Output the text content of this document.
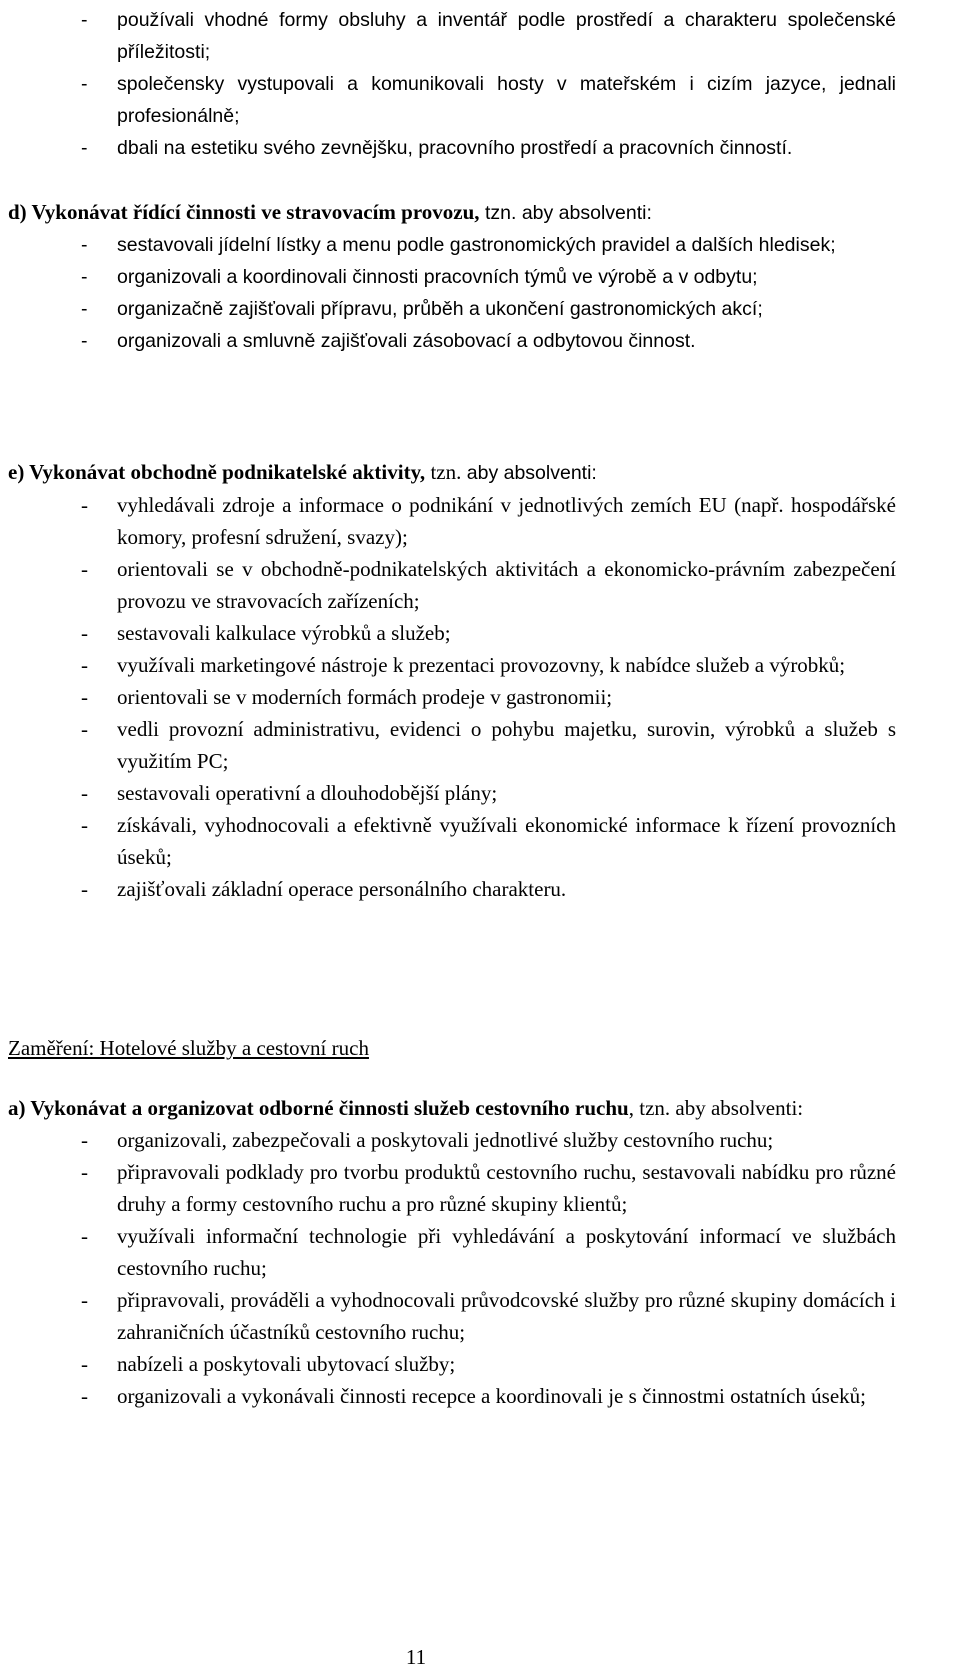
- používali vhodné formy obsluhy a inventář podle prostředí a charakteru společenské příležitosti;
- společensky vystupovali a komunikovali hosty v mateřském i cizím jazyce, jednali profesionálně;
- dbali na estetiku svého zevnějšku, pracovního prostředí a pracovních činností.
d) Vykonávat řídící činnosti ve stravovacím provozu, tzn. aby absolventi:
- sestavovali jídelní lístky a menu podle gastronomických pravidel a dalších hledisek;
- organizovali a koordinovali činnosti pracovních týmů ve výrobě a v odbytu;
- organizačně zajišťovali přípravu, průběh a ukončení gastronomických akcí;
- organizovali a smluvně zajišťovali zásobovací a odbytovou činnost.
e) Vykonávat obchodně podnikatelské aktivity, tzn. aby absolventi:
- vyhledávali zdroje a informace o podnikání v jednotlivých zemích EU (např. hospodářské komory, profesní sdružení, svazy);
- orientovali se v obchodně-podnikatelských aktivitách a ekonomicko-právním zabezpečení provozu ve stravovacích zařízeních;
- sestavovali kalkulace výrobků a služeb;
- využívali marketingové nástroje k prezentaci provozovny, k nabídce služeb a výrobků;
- orientovali se v moderních formách prodeje v gastronomii;
- vedli provozní administrativu, evidenci o pohybu majetku, surovin, výrobků a služeb s využitím PC;
- sestavovali operativní a dlouhodobější plány;
- získávali, vyhodnocovali a efektivně využívali ekonomické informace k řízení provozních úseků;
- zajišťovali základní operace personálního charakteru.
Zaměření: Hotelové služby a cestovní ruch
a) Vykonávat a organizovat odborné činnosti služeb cestovního ruchu, tzn. aby absolventi:
- organizovali, zabezpečovali a poskytovali jednotlivé služby cestovního ruchu;
- připravovali podklady pro tvorbu produktů cestovního ruchu, sestavovali nabídku pro různé druhy a formy cestovního ruchu a pro různé skupiny klientů;
- využívali informační technologie při vyhledávání a poskytování informací ve službách cestovního ruchu;
- připravovali, prováděli a vyhodnocovali průvodcovské služby pro různé skupiny domácích i zahraničních účastníků cestovního ruchu;
- nabízeli a poskytovali ubytovací služby;
- organizovali a vykonávali činnosti recepce a koordinovali je s činnostmi ostatních úseků;
11
